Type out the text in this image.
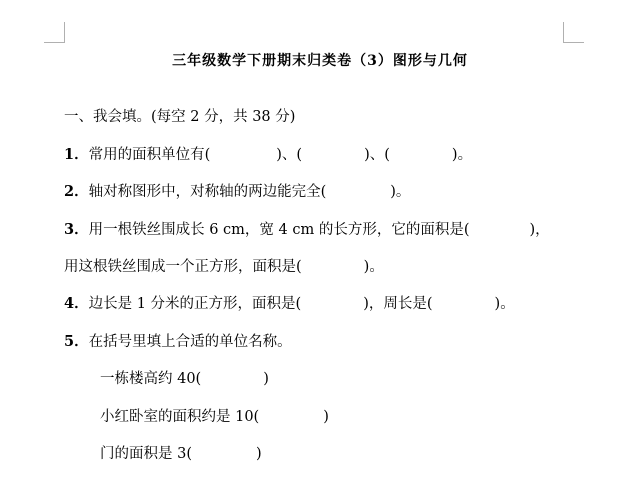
三年级数学下册期末归类卷（3）图形与几何
一、我会填。(每空 2 分，共 38 分)
1．常用的面积单位有(	)、(	)、(	)。
2．轴对称图形中，对称轴的两边能完全(	)。
3．用一根铁丝围成长 6 cm，宽 4 cm 的长方形，它的面积是(	)，
用这根铁丝围成一个正方形，面积是(	)。
4．边长是 1 分米的正方形，面积是(	)，周长是(	)。
5．在括号里填上合适的单位名称。
一栋楼高约 40(	)
小红卧室的面积约是 10(	)
门的面积是 3(	)
